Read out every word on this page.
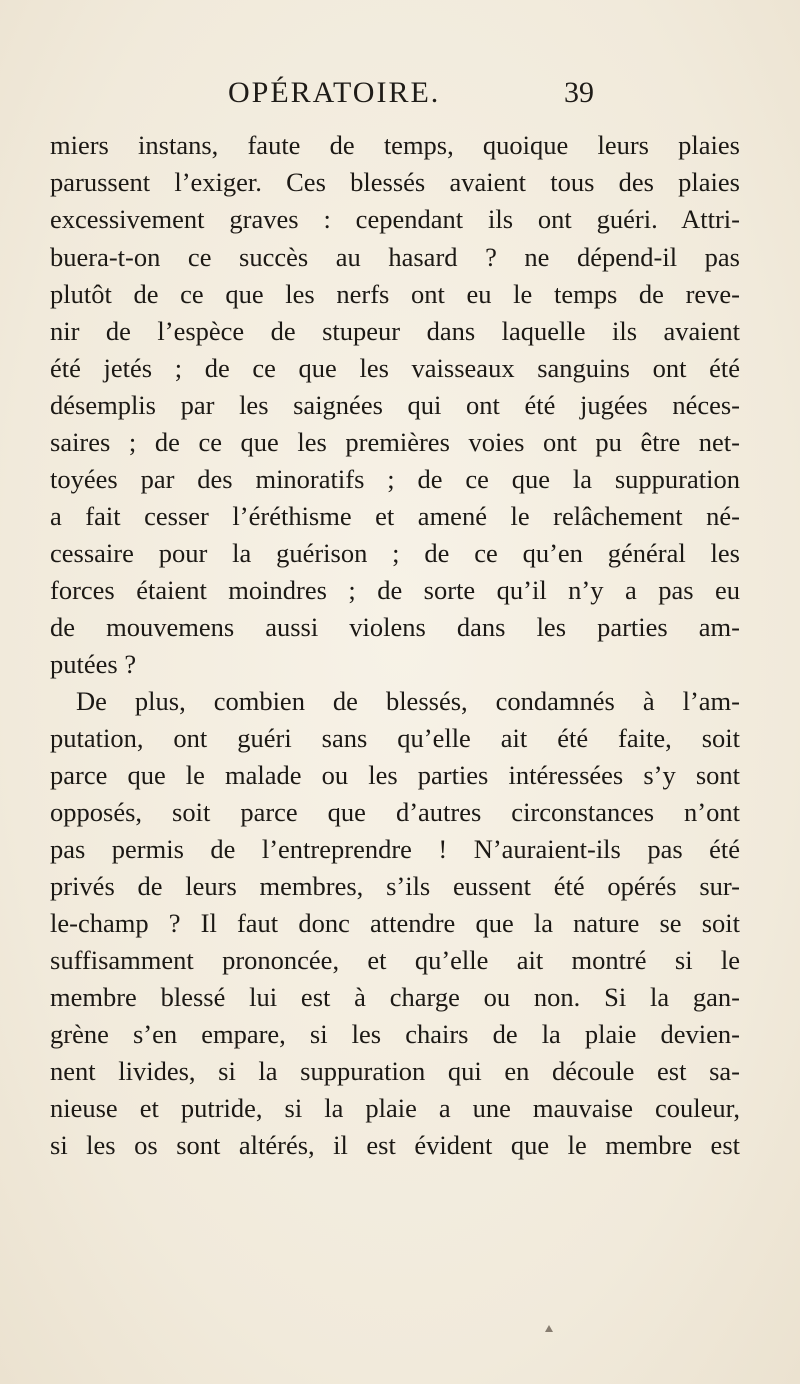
OPÉRATOIRE.	39
miers instans, faute de temps, quoique leurs plaies
parussent l’exiger. Ces blessés avaient tous des plaies
excessivement graves : cependant ils ont guéri. Attri-
buera-t-on ce succès au hasard ? ne dépend-il pas
plutôt de ce que les nerfs ont eu le temps de reve-
nir de l’espèce de stupeur dans laquelle ils avaient
été jetés ; de ce que les vaisseaux sanguins ont été
désemplis par les saignées qui ont été jugées néces-
saires ; de ce que les premières voies ont pu être net-
toyées par des minoratifs ; de ce que la suppuration
a fait cesser l’éréthisme et amené le relâchement né-
cessaire pour la guérison ; de ce qu’en général les
forces étaient moindres ; de sorte qu’il n’y a pas eu
de mouvemens aussi violens dans les parties am-
putées ?
De plus, combien de blessés, condamnés à l’am-
putation, ont guéri sans qu’elle ait été faite, soit
parce que le malade ou les parties intéressées s’y sont
opposés, soit parce que d’autres circonstances n’ont
pas permis de l’entreprendre ! N’auraient-ils pas été
privés de leurs membres, s’ils eussent été opérés sur-
le-champ ? Il faut donc attendre que la nature se soit
suffisamment prononcée, et qu’elle ait montré si le
membre blessé lui est à charge ou non. Si la gan-
grène s’en empare, si les chairs de la plaie devien-
nent livides, si la suppuration qui en découle est sa-
nieuse et putride, si la plaie a une mauvaise couleur,
si les os sont altérés, il est évident que le membre est
